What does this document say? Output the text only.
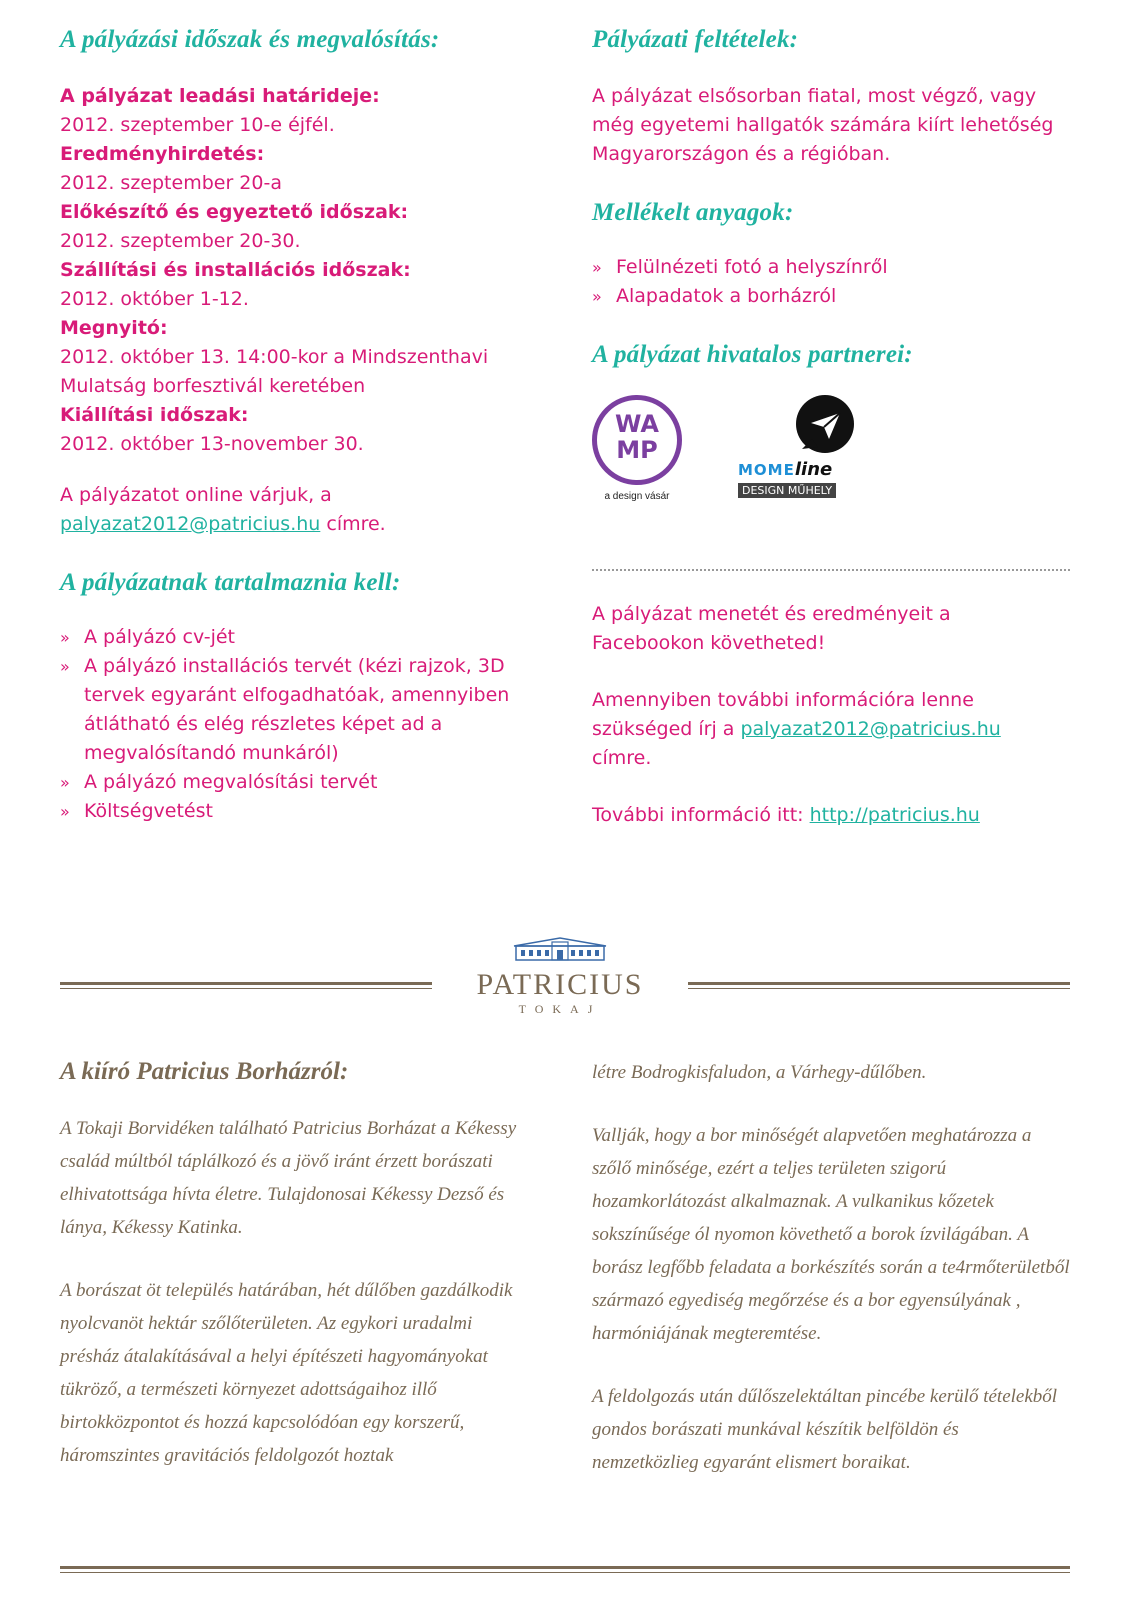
A pályázási időszak és megvalósítás:
A pályázat leadási határideje:
2012. szeptember 10-e éjfél.
Eredményhirdetés:
2012. szeptember 20-a
Előkészítő és egyeztető időszak:
2012. szeptember 20-30.
Szállítási és installációs időszak:
2012. október 1-12.
Megnyitó:
2012. október 13. 14:00-kor a Mindszenthavi Mulatság borfesztivál keretében
Kiállítási időszak:
2012. október 13-november 30.

A pályázatot online várjuk, a palyazat2012@patricius.hu címre.

A pályázatnak tartalmaznia kell:
» A pályázó cv-jét
» A pályázó installációs tervét (kézi rajzok, 3D tervek egyaránt elfogadhatóak, amennyiben átlátható és elég részletes képet ad a megvalósítandó munkáról)
» A pályázó megvalósítási tervét
» Költségvetést
Pályázati feltételek:

A pályázat elsősorban fiatal, most végző, vagy még egyetemi hallgatók számára kiírt lehetőség Magyarországon és a régióban.

Mellékelt anyagok:
» Felülnézeti fotó a helyszínről
» Alapadatok a borházról
A pályázat hivatalos partnerei:
WA
MP
a design vásár
MOMEline
DESIGN MŰHELY

A pályázat menetét és eredményeit a Facebookon követheted!

Amennyiben további információra lenne szükséged írj a palyazat2012@patricius.hu címre.

További információ itt: http://patricius.hu

PATRICIUS
TOKAJ
A kiíró Patricius Borházról:

A Tokaji Borvidéken található Patricius Borházat a Kékessy család múltból táplálkozó és a jövő iránt érzett borászati elhivatottsága hívta életre. Tulajdonosai Kékessy Dezső és lánya, Kékessy Katinka.

A borászat öt település határában, hét dűlőben gazdálkodik nyolcvanöt hektár szőlőterületen. Az egykori uradalmi présház átalakításával a helyi építészeti hagyományokat tükröző, a természeti környezet adottságaihoz illő birtokközpontot és hozzá kapcsolódóan egy korszerű, háromszintes gravitációs feldolgozót hoztak

létre Bodrogkisfaludon, a Várhegy-dűlőben.

Vallják, hogy a bor minőségét alapvetően meghatározza a szőlő minősége, ezért a teljes területen szigorú hozamkorlátozást alkalmaznak. A vulkanikus kőzetek sokszínűsége ól nyomon követhető a borok ízvilágában. A borász legfőbb feladata a borkészítés során a te4rmőterületből származó egyediség megőrzése és a bor egyensúlyának , harmóniájának megteremtése.

A feldolgozás után dűlőszelektáltan pincébe kerülő tételekből gondos borászati munkával készítik belföldön és nemzetközlieg egyaránt elismert boraikat.
